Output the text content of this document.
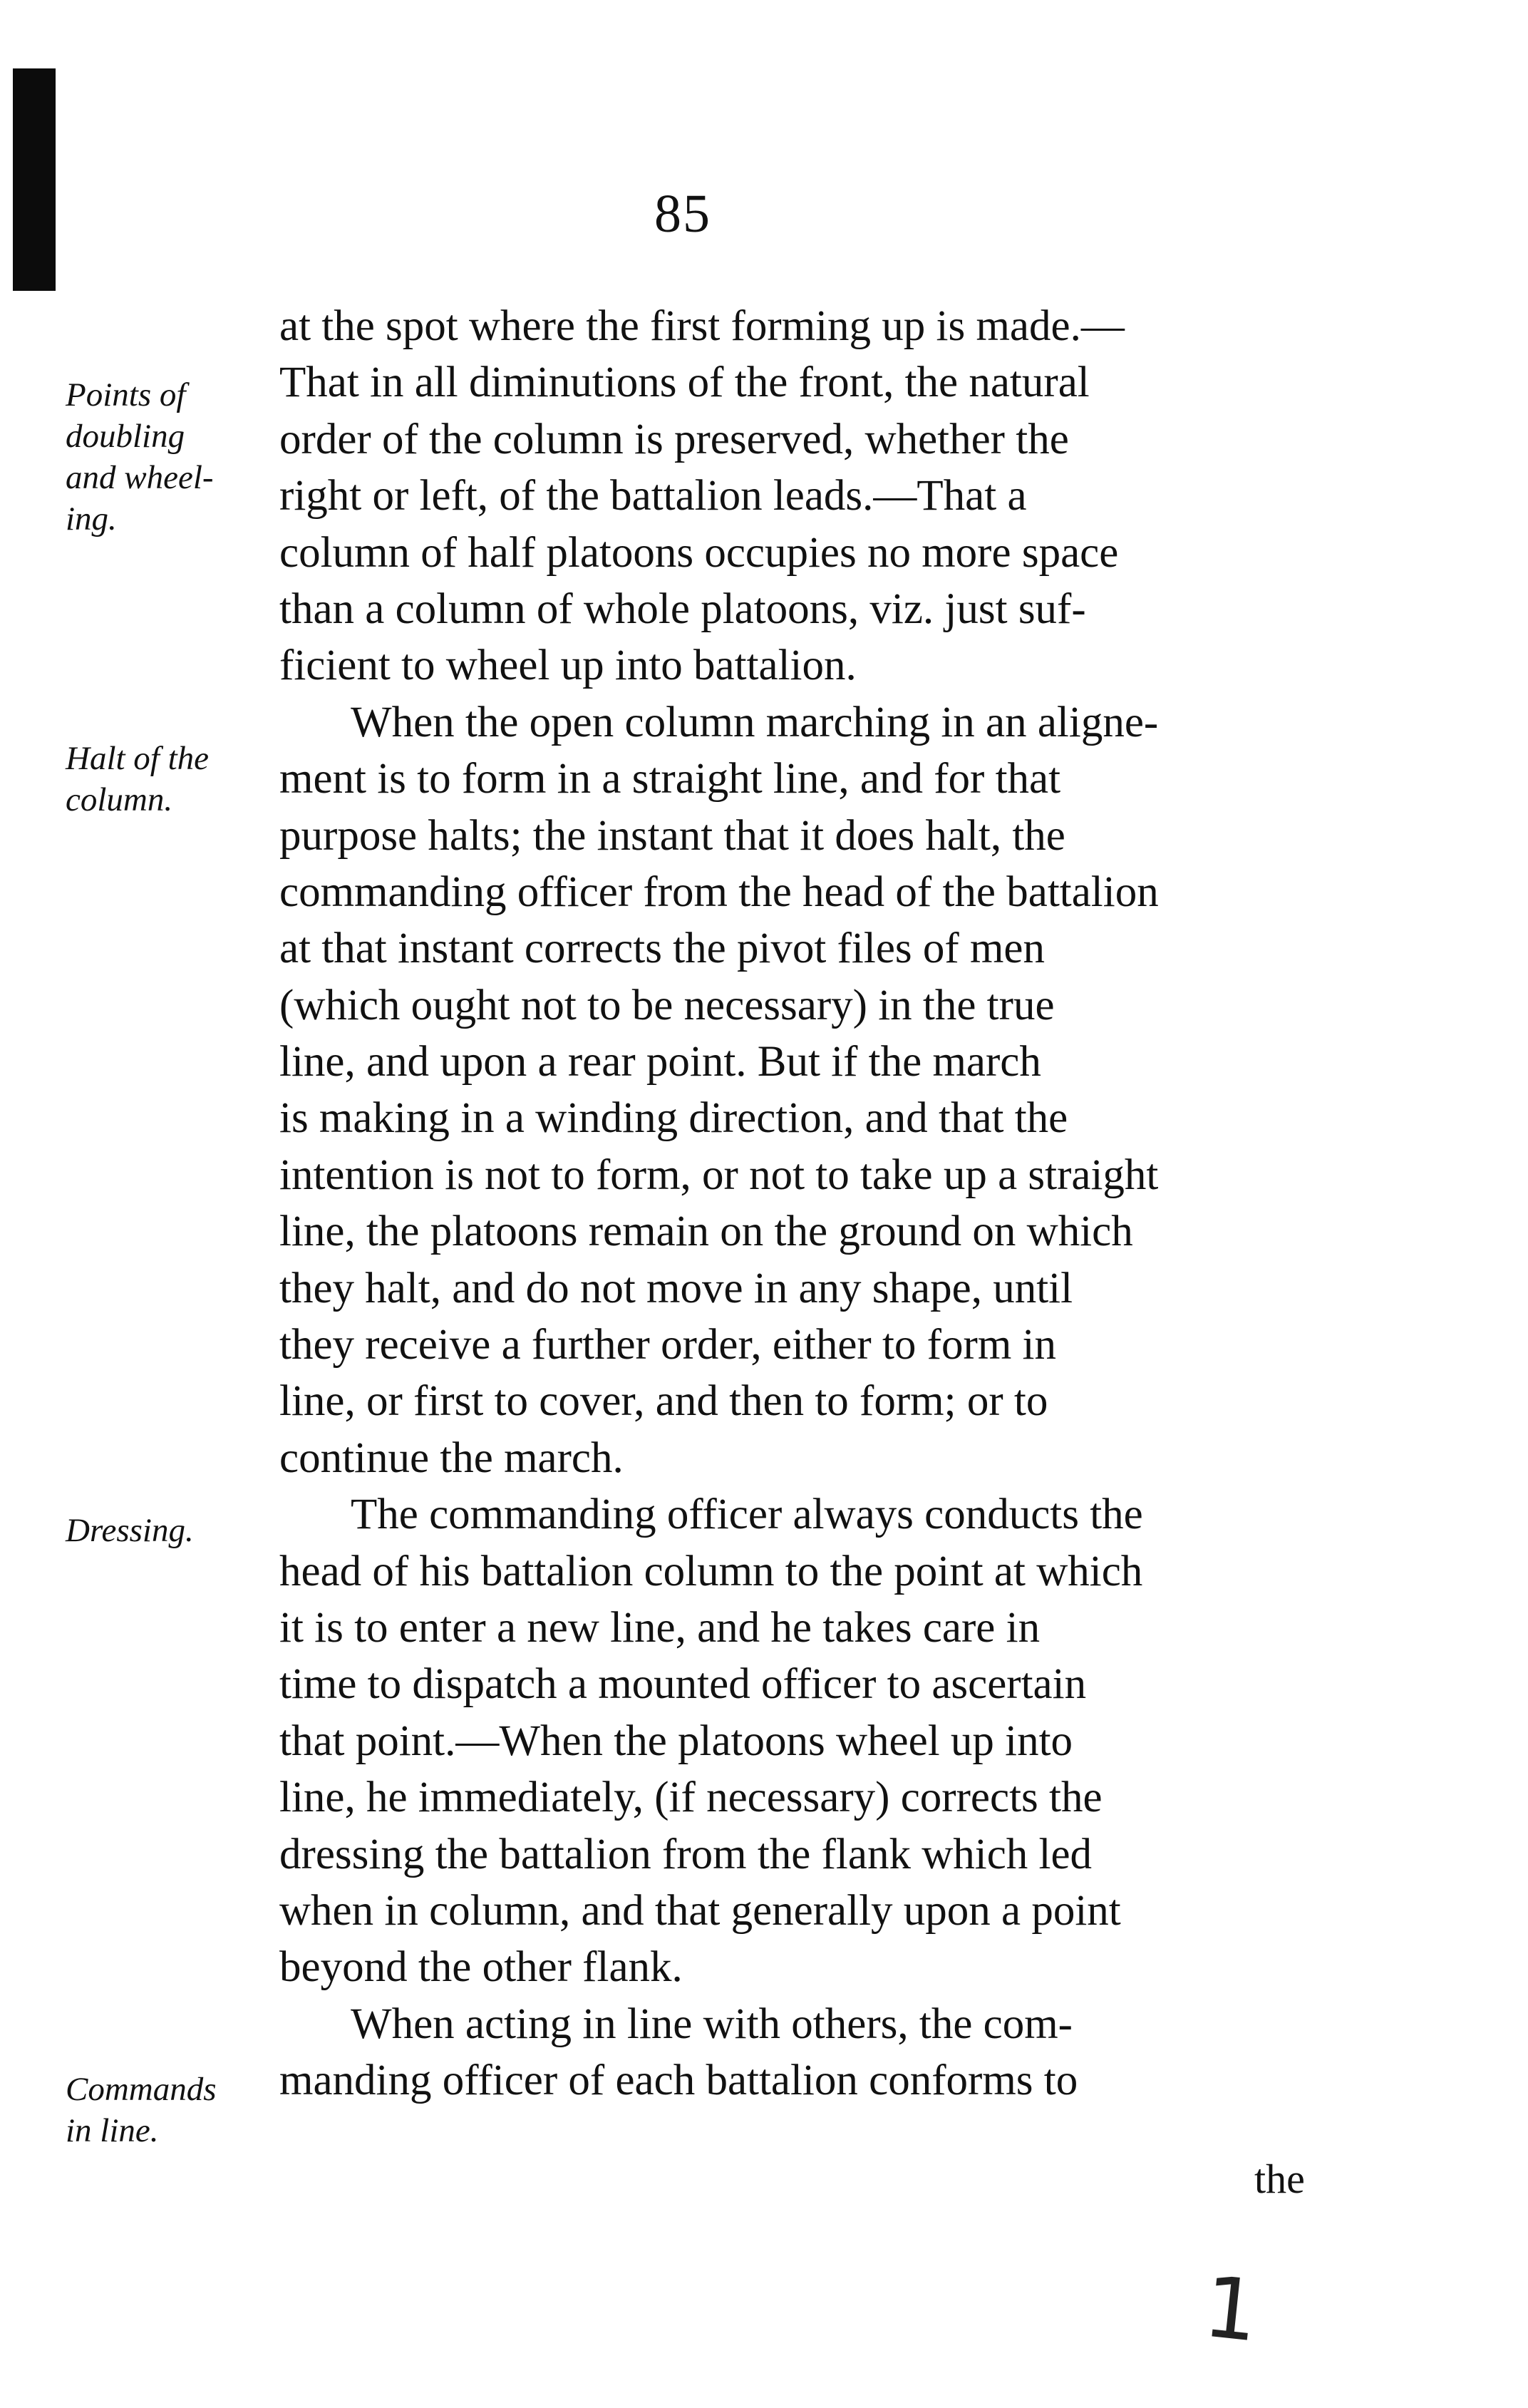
85
Points of
doubling
and wheel-
ing.
Halt of the
column.
Dressing.
Commands
in line.
at the spot where the first forming up is made.—
That in all diminutions of the front, the natural
order of the column is preserved, whether the
right or left, of the battalion leads.—That a
column of half platoons occupies no more space
than a column of whole platoons, viz. just suf-
ficient to wheel up into battalion.
When the open column marching in an aligne-
ment is to form in a straight line, and for that
purpose halts; the instant that it does halt, the
commanding officer from the head of the battalion
at that instant corrects the pivot files of men
(which ought not to be necessary) in the true
line, and upon a rear point. But if the march
is making in a winding direction, and that the
intention is not to form, or not to take up a straight
line, the platoons remain on the ground on which
they halt, and do not move in any shape, until
they receive a further order, either to form in
line, or first to cover, and then to form; or to
continue the march.
The commanding officer always conducts the
head of his battalion column to the point at which
it is to enter a new line, and he takes care in
time to dispatch a mounted officer to ascertain
that point.—When the platoons wheel up into
line, he immediately, (if necessary) corrects the
dressing the battalion from the flank which led
when in column, and that generally upon a point
beyond the other flank.
When acting in line with others, the com-
manding officer of each battalion conforms to
the
1
